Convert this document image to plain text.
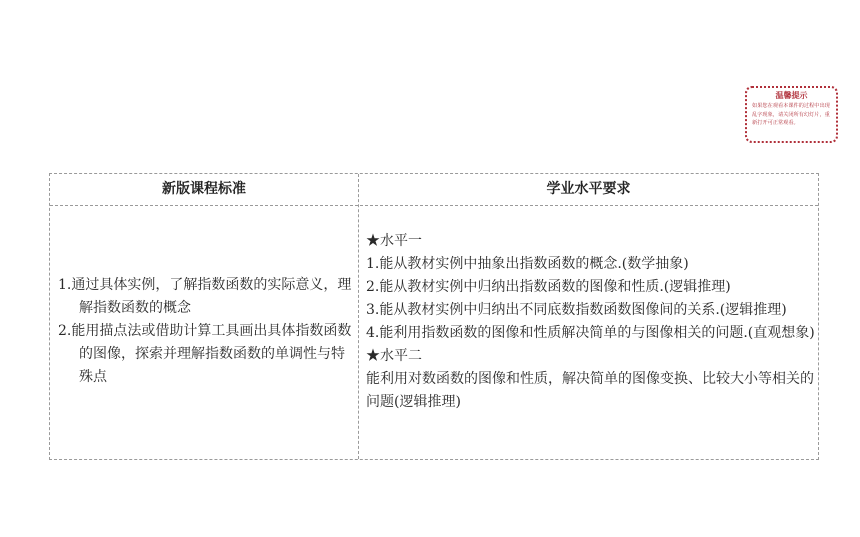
温馨提示
如果您在观看本课件的过程中出现乱字现象，请关闭所有幻灯片，重新打开可正常观看。
新版课程标准	学业水平要求
1.通过具体实例，了解指数函数的实际意义，理解指数函数的概念
2.能用描点法或借助计算工具画出具体指数函数的图像，探索并理解指数函数的单调性与特殊点
★水平一
1.能从教材实例中抽象出指数函数的概念.(数学抽象)
2.能从教材实例中归纳出指数函数的图像和性质.(逻辑推理)
3.能从教材实例中归纳出不同底数指数函数图像间的关系.(逻辑推理)
4.能利用指数函数的图像和性质解决简单的与图像相关的问题.(直观想象)
★水平二
能利用对数函数的图像和性质，解决简单的图像变换、比较大小等相关的问题(逻辑推理)
